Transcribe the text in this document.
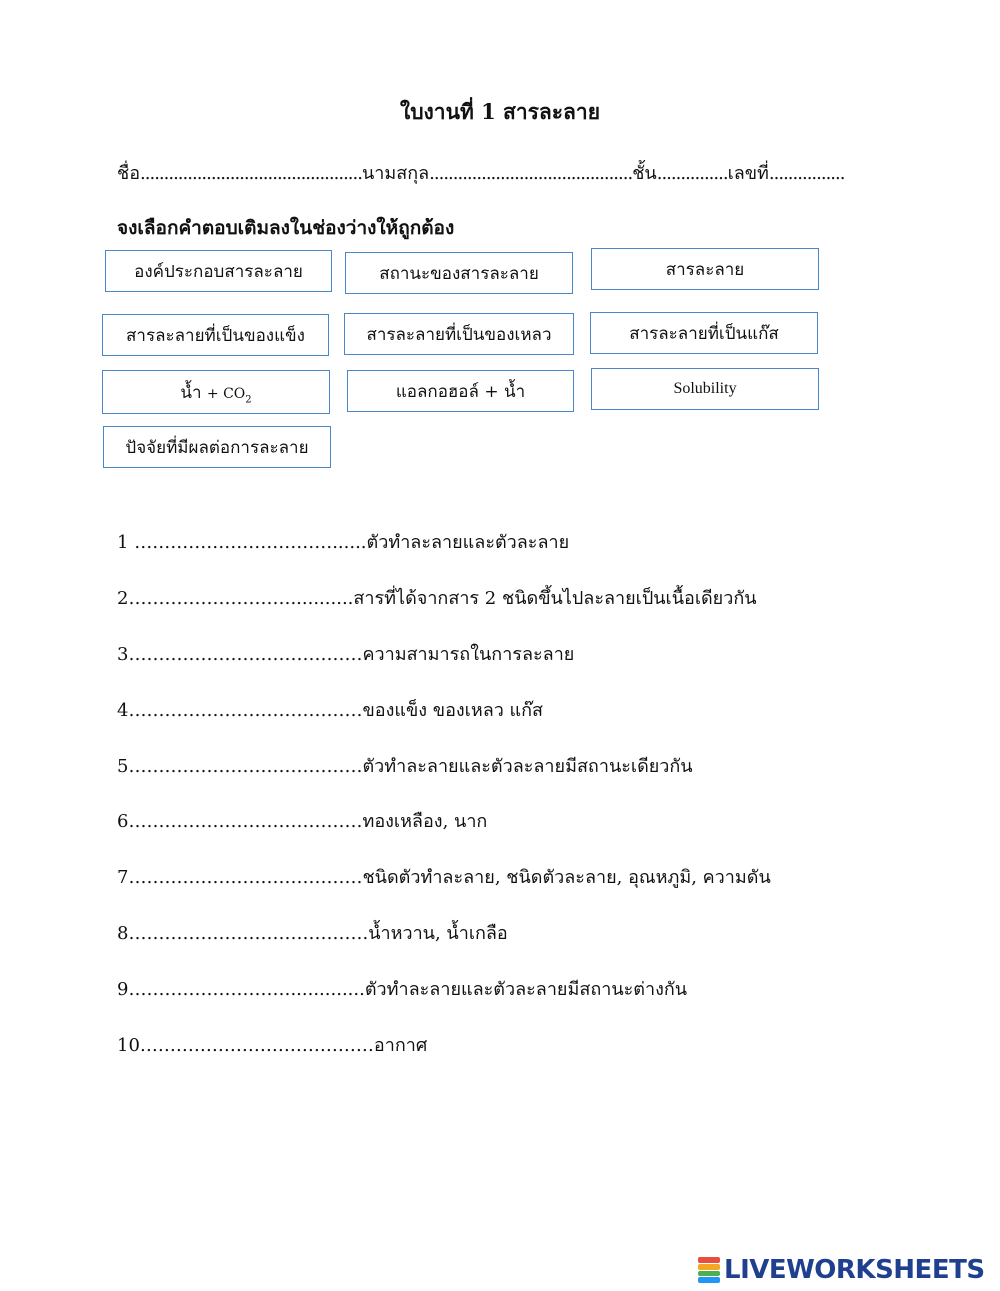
ใบงานที่ 1 สารละลาย
ชื่อ...............................................นามสกุล...........................................ชั้น...............เลขที่................
จงเลือกคำตอบเติมลงในช่องว่างให้ถูกต้อง
องค์ประกอบสารละลาย	สถานะของสารละลาย	สารละลาย
สารละลายที่เป็นของแข็ง	สารละลายที่เป็นของเหลว	สารละลายที่เป็นแก๊ส
น้ำ + $CO_2$	แอลกอฮอล์ + น้ำ	Solubility
ปัจจัยที่มีผลต่อการละลาย
1 ……………………………......ตัวทำละลายและตัวละลาย
2………………………...........สารที่ได้จากสาร 2 ชนิดขึ้นไปละลายเป็นเนื้อเดียวกัน
3…………………………………ความสามารถในการละลาย
4…………………………………ของแข็ง ของเหลว แก๊ส
5…………………………………ตัวทำละลายและตัวละลายมีสถานะเดียวกัน
6…………………………………ทองเหลือง, นาก
7…………………………………ชนิดตัวทำละลาย, ชนิดตัวละลาย, อุณหภูมิ, ความดัน
8………………………………….น้ำหวาน, น้ำเกลือ
9……………………….............ตัวทำละลายและตัวละลายมีสถานะต่างกัน
10…………………………………อากาศ
LIVEWORKSHEETS
